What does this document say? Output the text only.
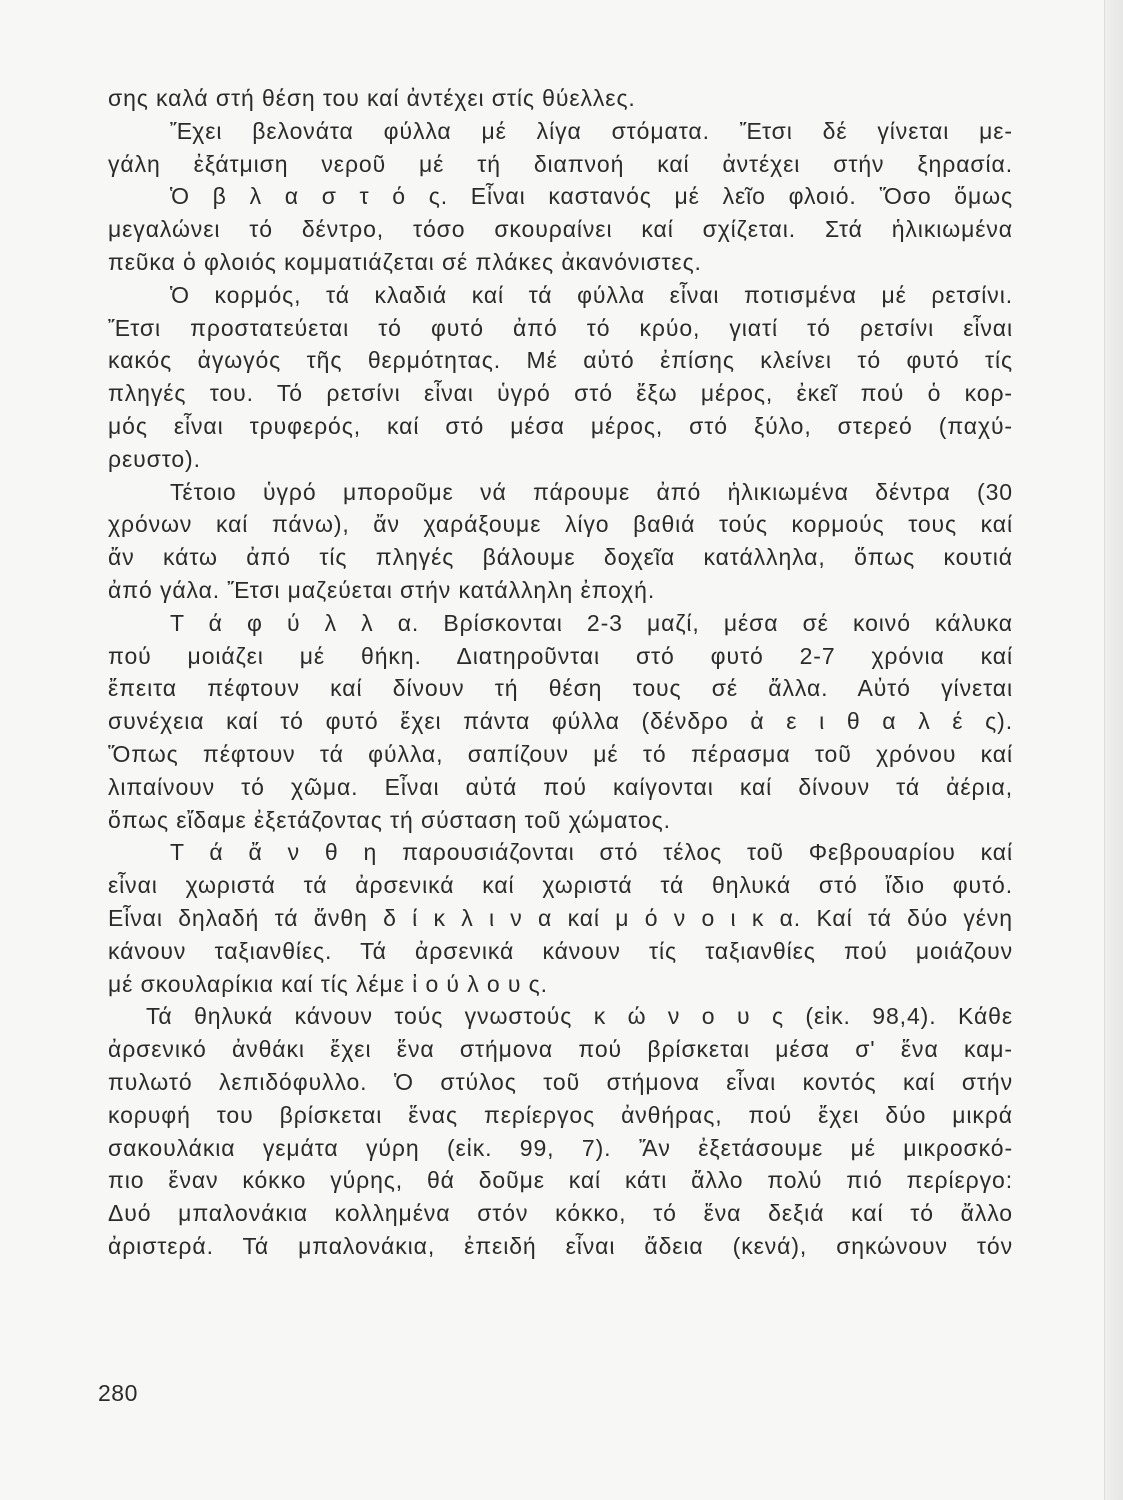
σης καλά στή θέση του καί ἀντέχει στίς θύελλες.
Ἔχει βελονάτα φύλλα μέ λίγα στόματα. Ἔτσι δέ γίνεται με-
γάλη ἐξάτμιση νεροῦ μέ τή διαπνοή καί ἀντέχει στήν ξηρασία.
Ὁ β λ α σ τ ό ς. Εἶναι καστανός μέ λεῖο φλοιό. Ὅσο ὅμως
μεγαλώνει τό δέντρο, τόσο σκουραίνει καί σχίζεται. Στά ἡλικιωμένα
πεῦκα ὁ φλοιός κομματιάζεται σέ πλάκες ἀκανόνιστες.
Ὁ κορμός, τά κλαδιά καί τά φύλλα εἶναι ποτισμένα μέ ρετσίνι.
Ἔτσι προστατεύεται τό φυτό ἀπό τό κρύο, γιατί τό ρετσίνι εἶναι
κακός ἀγωγός τῆς θερμότητας. Μέ αὐτό ἐπίσης κλείνει τό φυτό τίς
πληγές του. Τό ρετσίνι εἶναι ὑγρό στό ἔξω μέρος, ἐκεῖ πού ὁ κορ-
μός εἶναι τρυφερός, καί στό μέσα μέρος, στό ξύλο, στερεό (παχύ-
ρευστο).
Τέτοιο ὑγρό μποροῦμε νά πάρουμε ἀπό ἡλικιωμένα δέντρα (30
χρόνων καί πάνω), ἄν χαράξουμε λίγο βαθιά τούς κορμούς τους καί
ἄν κάτω ἀπό τίς πληγές βάλουμε δοχεῖα κατάλληλα, ὅπως κουτιά
ἀπό γάλα. Ἔτσι μαζεύεται στήν κατάλληλη ἐποχή.
Τ ά φ ύ λ λ α. Βρίσκονται 2-3 μαζί, μέσα σέ κοινό κάλυκα
πού μοιάζει μέ θήκη. Διατηροῦνται στό φυτό 2-7 χρόνια καί
ἔπειτα πέφτουν καί δίνουν τή θέση τους σέ ἄλλα. Αὐτό γίνεται
συνέχεια καί τό φυτό ἔχει πάντα φύλλα (δένδρο ἀ ε ι θ α λ έ ς).
Ὅπως πέφτουν τά φύλλα, σαπίζουν μέ τό πέρασμα τοῦ χρόνου καί
λιπαίνουν τό χῶμα. Εἶναι αὐτά πού καίγονται καί δίνουν τά ἀέρια,
ὅπως εἴδαμε ἐξετάζοντας τή σύσταση τοῦ χώματος.
Τ ά ἄ ν θ η παρουσιάζονται στό τέλος τοῦ Φεβρουαρίου καί
εἶναι χωριστά τά ἀρσενικά καί χωριστά τά θηλυκά στό ἴδιο φυτό.
Εἶναι δηλαδή τά ἄνθη δ ί κ λ ι ν α καί μ ό ν ο ι κ α. Καί τά δύο γένη
κάνουν ταξιανθίες. Τά ἀρσενικά κάνουν τίς ταξιανθίες πού μοιάζουν
μέ σκουλαρίκια καί τίς λέμε ἰ ο ύ λ ο υ ς.
Τά θηλυκά κάνουν τούς γνωστούς κ ώ ν ο υ ς (εἰκ. 98,4). Κάθε
ἀρσενικό ἀνθάκι ἔχει ἕνα στήμονα πού βρίσκεται μέσα σ' ἕνα καμ-
πυλωτό λεπιδόφυλλο. Ὁ στύλος τοῦ στήμονα εἶναι κοντός καί στήν
κορυφή του βρίσκεται ἕνας περίεργος ἀνθήρας, πού ἔχει δύο μικρά
σακουλάκια γεμάτα γύρη (εἰκ. 99, 7). Ἄν ἐξετάσουμε μέ μικροσκό-
πιο ἕναν κόκκο γύρης, θά δοῦμε καί κάτι ἄλλο πολύ πιό περίεργο:
Δυό μπαλονάκια κολλημένα στόν κόκκο, τό ἕνα δεξιά καί τό ἄλλο
ἀριστερά. Τά μπαλονάκια, ἐπειδή εἶναι ἄδεια (κενά), σηκώνουν τόν
280
